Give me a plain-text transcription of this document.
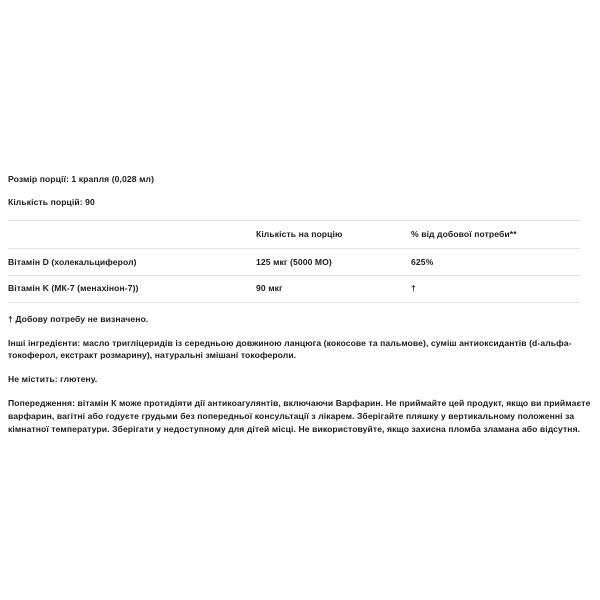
Розмір порції: 1 крапля (0,028 мл)

Кількість порцій: 90

	Кількість на порцію	% від добової потреби**
Вітамін D (холекальциферол)	125 мкг (5000 МО)	625%
Вітамін K (МК-7 (менахінон-7))	90 мкг	†

† Добову потребу не визначено.

Інші інгредієнти: масло тригліцеридів із середньою довжиною ланцюга (кокосове та пальмове), суміш антиоксидантів (d-альфа-токоферол, екстракт розмарину), натуральні змішані токофероли.

Не містить: глютену.

Попередження: вітамін К може протидіяти дії антикоагулянтів, включаючи Варфарин. Не приймайте цей продукт, якщо ви приймаєте варфарин, вагітні або годуєте грудьми без попередньої консультації з лікарем. Зберігайте пляшку у вертикальному положенні за кімнатної температури. Зберігати у недоступному для дітей місці. Не використовуйте, якщо захисна пломба зламана або відсутня.
